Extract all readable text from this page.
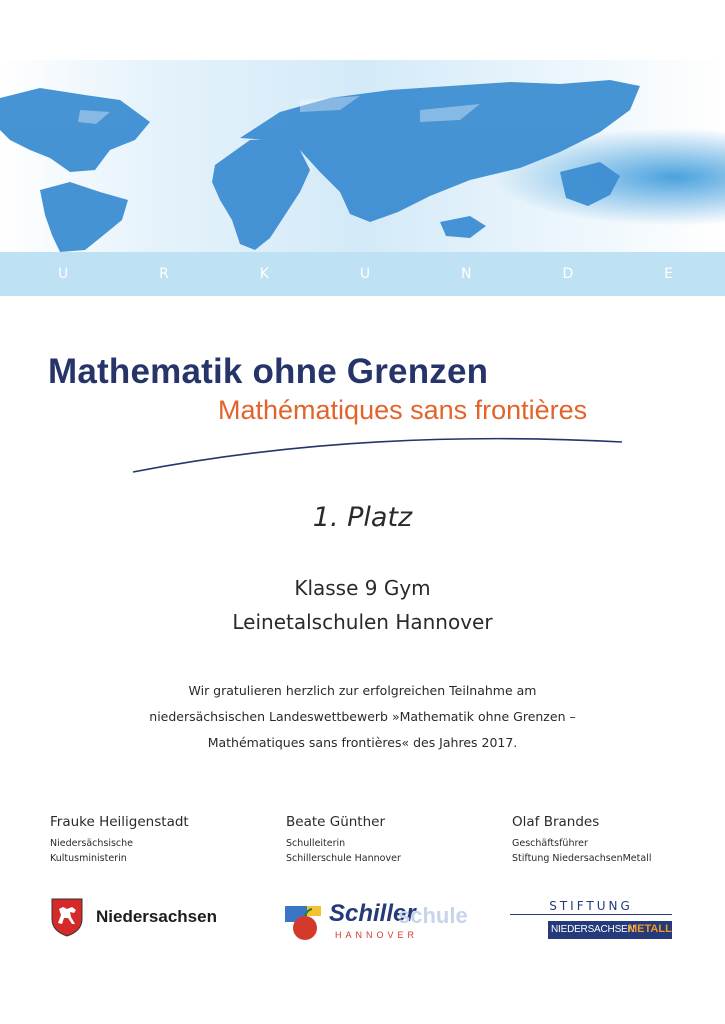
U	R	K	U	N	D	E
Mathematik ohne Grenzen
Mathématiques sans frontières
1. Platz
Klasse 9 Gym
Leinetalschulen Hannover
Wir gratulieren herzlich zur erfolgreichen Teilnahme am
niedersächsischen Landeswettbewerb »Mathematik ohne Grenzen –
Mathématiques sans frontières« des Jahres 2017.
Frauke Heiligenstadt
Niedersächsische
Kultusministerin
Beate Günther
Schulleiterin
Schillerschule Hannover
Olaf Brandes
Geschäftsführer
Stiftung NiedersachsenMetall
Niedersachsen	Schiller
schule
HANNOVER
STIFTUNG
NIEDERSACHSEN
METALL
